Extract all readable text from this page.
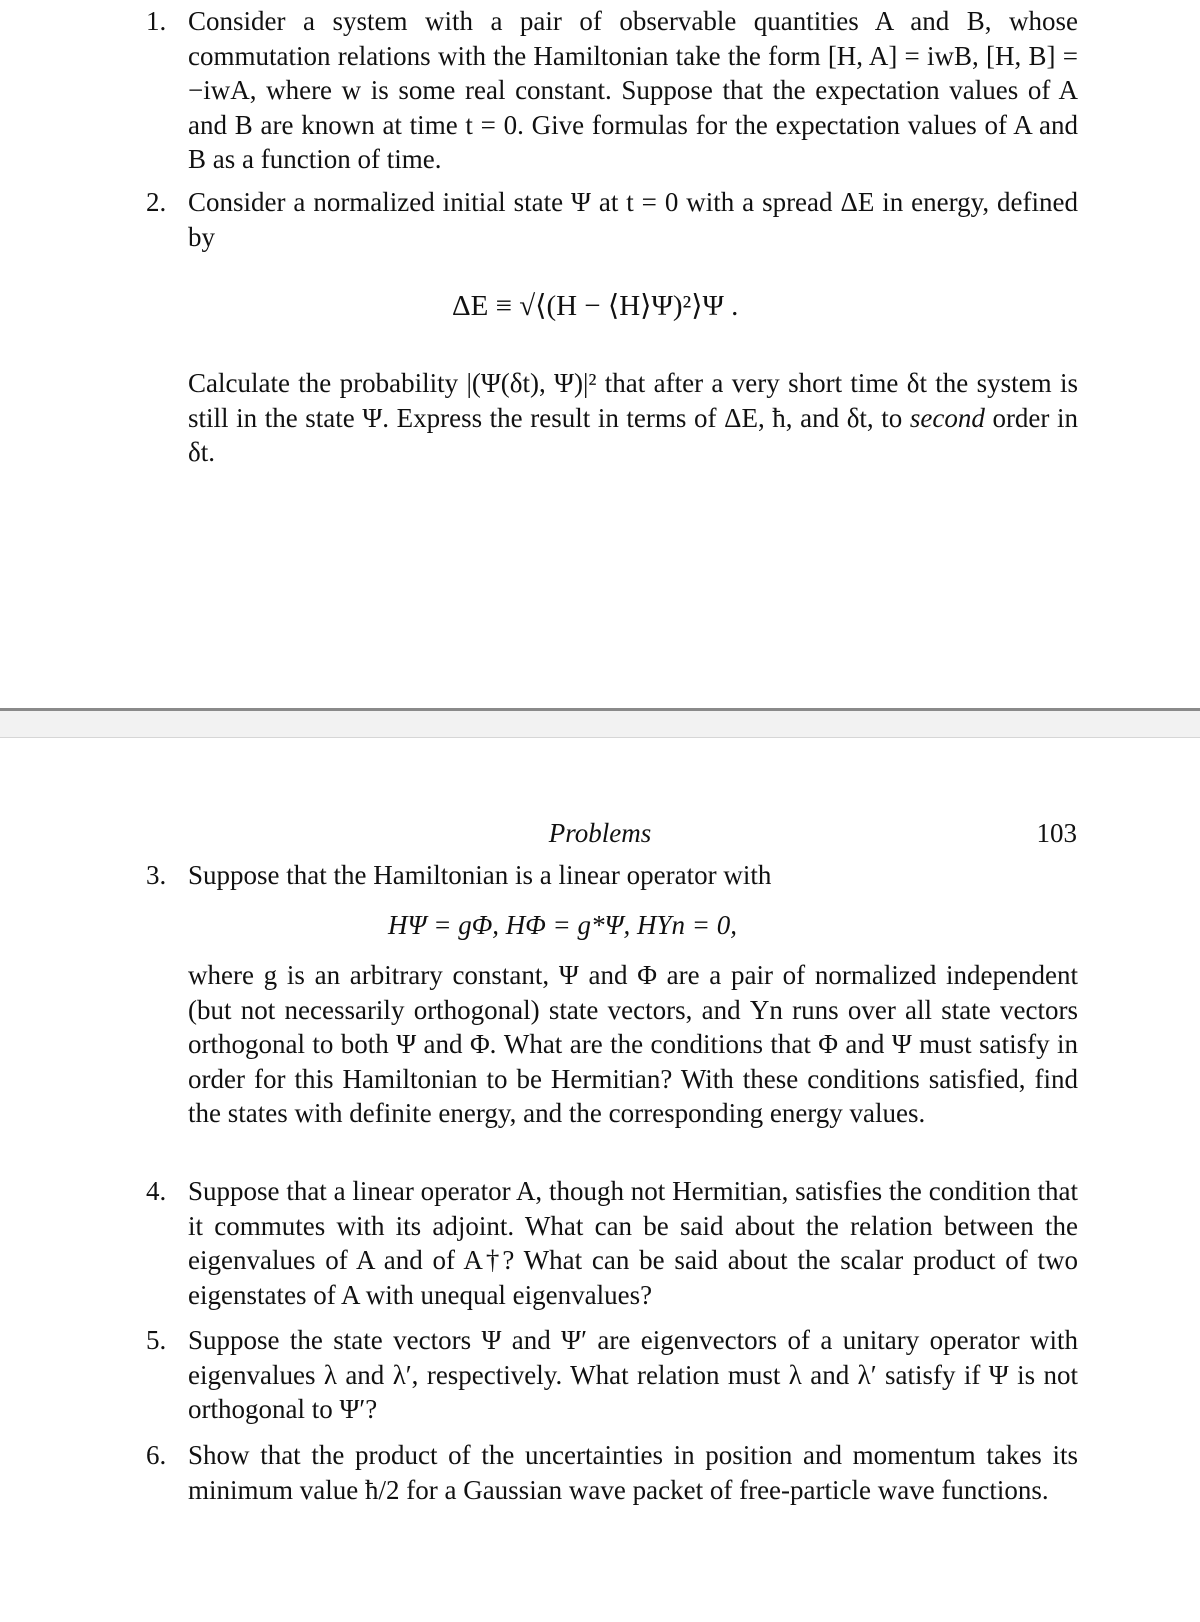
1. Consider a system with a pair of observable quantities A and B, whose commutation relations with the Hamiltonian take the form [H, A] = iwB, [H, B] = −iwA, where w is some real constant. Suppose that the expectation values of A and B are known at time t = 0. Give formulas for the expectation values of A and B as a function of time.

2. Consider a normalized initial state Ψ at t = 0 with a spread ΔE in energy, defined by

ΔE ≡ √⟨(H − ⟨H⟩Ψ)²⟩Ψ .

Calculate the probability |(Ψ(δt), Ψ)|² that after a very short time δt the system is still in the state Ψ. Express the result in terms of ΔE, ħ, and δt, to second order in δt.

Problems	103
3. Suppose that the Hamiltonian is a linear operator with

HΨ = gΦ, HΦ = g*Ψ, HΥn = 0,

where g is an arbitrary constant, Ψ and Φ are a pair of normalized independent (but not necessarily orthogonal) state vectors, and Υn runs over all state vectors orthogonal to both Ψ and Φ. What are the conditions that Φ and Ψ must satisfy in order for this Hamiltonian to be Hermitian? With these conditions satisfied, find the states with definite energy, and the corresponding energy values.

4. Suppose that a linear operator A, though not Hermitian, satisfies the condition that it commutes with its adjoint. What can be said about the relation between the eigenvalues of A and of A†? What can be said about the scalar product of two eigenstates of A with unequal eigenvalues?

5. Suppose the state vectors Ψ and Ψ′ are eigenvectors of a unitary operator with eigenvalues λ and λ′, respectively. What relation must λ and λ′ satisfy if Ψ is not orthogonal to Ψ′?

6. Show that the product of the uncertainties in position and momentum takes its minimum value ħ/2 for a Gaussian wave packet of free-particle wave functions.
